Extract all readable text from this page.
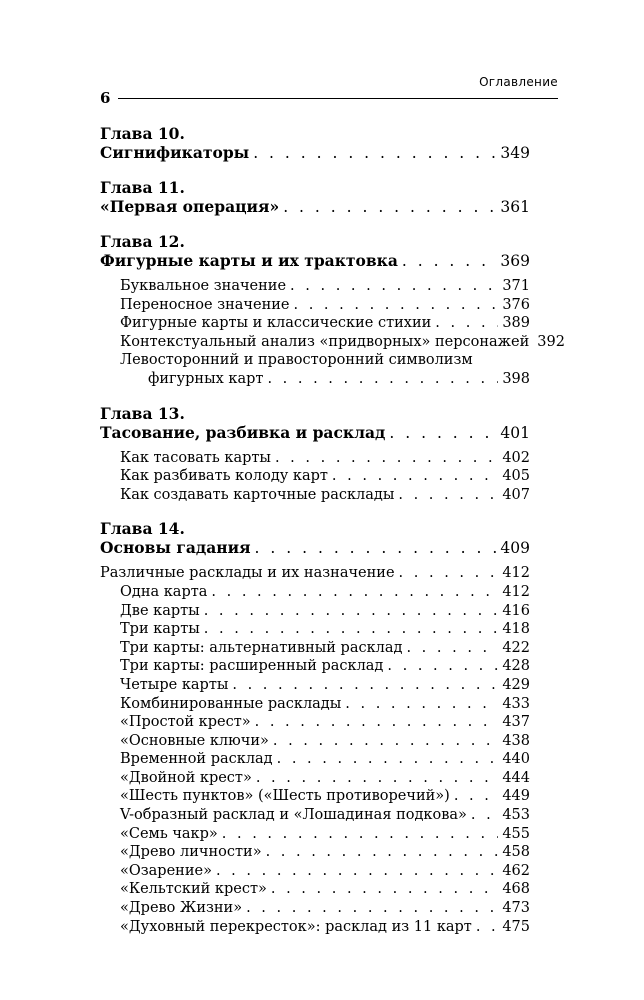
6
Оглавление
Глава 10.
Сигнификаторы . . .	349
Глава 11.
«Первая операция» . . .	361
Глава 12.
Фигурные карты и их трактовка . . .	369
Буквальное значение . . .	371
Переносное значение . . .	376
Фигурные карты и классические стихии . . .	389
Контекстуальный анализ «придворных» персонажей 392
Левосторонний и правосторонний символизм
фигурных карт . . .	398
Глава 13.
Тасование, разбивка и расклад . . .	401
Как тасовать карты . . .	402
Как разбивать колоду карт . . .	405
Как создавать карточные расклады . . .	407
Глава 14.
Основы гадания . . .	409
Различные расклады и их назначение . . .	412
Одна карта . . .	412
Две карты . . .	416
Три карты . . .	418
Три карты: альтернативный расклад . . .	422
Три карты: расширенный расклад . . .	428
Четыре карты . . .	429
Комбинированные расклады . . .	433
«Простой крест» . . .	437
«Основные ключи» . . .	438
Временной расклад . . .	440
«Двойной крест» . . .	444
«Шесть пунктов» («Шесть противоречий») . . .	449
V-образный расклад и «Лошадиная подкова» . . . 453
«Семь чакр» . . .	455
«Древо личности» . . .	458
«Озарение» . . .	462
«Кельтский крест» . . .	468
«Древо Жизни» . . .	473
«Духовный перекресток»: расклад из 11 карт . . . 475
